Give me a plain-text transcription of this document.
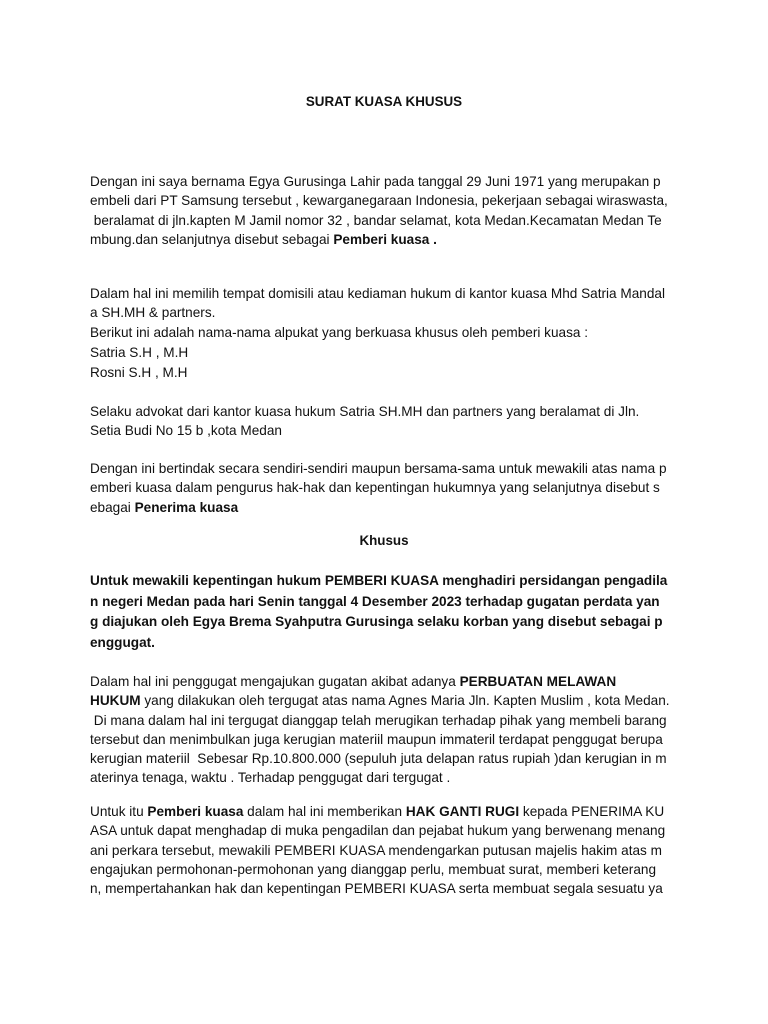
SURAT KUASA KHUSUS

Dengan ini saya bernama Egya Gurusinga Lahir pada tanggal 29 Juni 1971 yang merupakan p

embeli dari PT Samsung tersebut , kewarganegaraan Indonesia, pekerjaan sebagai wiraswasta,

beralamat di jln.kapten M Jamil nomor 32 , bandar selamat, kota Medan.Kecamatan Medan Te

mbung.dan selanjutnya disebut sebagai Pemberi kuasa .

Dalam hal ini memilih tempat domisili atau kediaman hukum di kantor kuasa Mhd Satria Mandal

a SH.MH & partners.

Berikut ini adalah nama-nama alpukat yang berkuasa khusus oleh pemberi kuasa :

Satria S.H , M.H

Rosni S.H , M.H

Selaku advokat dari kantor kuasa hukum Satria SH.MH dan partners yang beralamat di Jln.

Setia Budi No 15 b ,kota Medan

Dengan ini bertindak secara sendiri-sendiri maupun bersama-sama untuk mewakili atas nama p

emberi kuasa dalam pengurus hak-hak dan kepentingan hukumnya yang selanjutnya disebut s

ebagai Penerima kuasa

Khusus

Untuk mewakili kepentingan hukum PEMBERI KUASA menghadiri persidangan pengadila

n negeri Medan pada hari Senin tanggal 4 Desember 2023 terhadap gugatan perdata yan

g diajukan oleh Egya Brema Syahputra Gurusinga selaku korban yang disebut sebagai p

enggugat.

Dalam hal ini penggugat mengajukan gugatan akibat adanya PERBUATAN MELAWAN

HUKUM yang dilakukan oleh tergugat atas nama Agnes Maria Jln. Kapten Muslim , kota Medan.

Di mana dalam hal ini tergugat dianggap telah merugikan terhadap pihak yang membeli barang

tersebut dan menimbulkan juga kerugian materiil maupun immateril terdapat penggugat berupa

kerugian materiil  Sebesar Rp.10.800.000 (sepuluh juta delapan ratus rupiah )dan kerugian in m

aterinya tenaga, waktu . Terhadap penggugat dari tergugat .

Untuk itu Pemberi kuasa dalam hal ini memberikan HAK GANTI RUGI kepada PENERIMA KU

ASA untuk dapat menghadap di muka pengadilan dan pejabat hukum yang berwenang menang

ani perkara tersebut, mewakili PEMBERI KUASA mendengarkan putusan majelis hakim atas m

engajukan permohonan-permohonan yang dianggap perlu, membuat surat, memberi keterang

n, mempertahankan hak dan kepentingan PEMBERI KUASA serta membuat segala sesuatu ya
